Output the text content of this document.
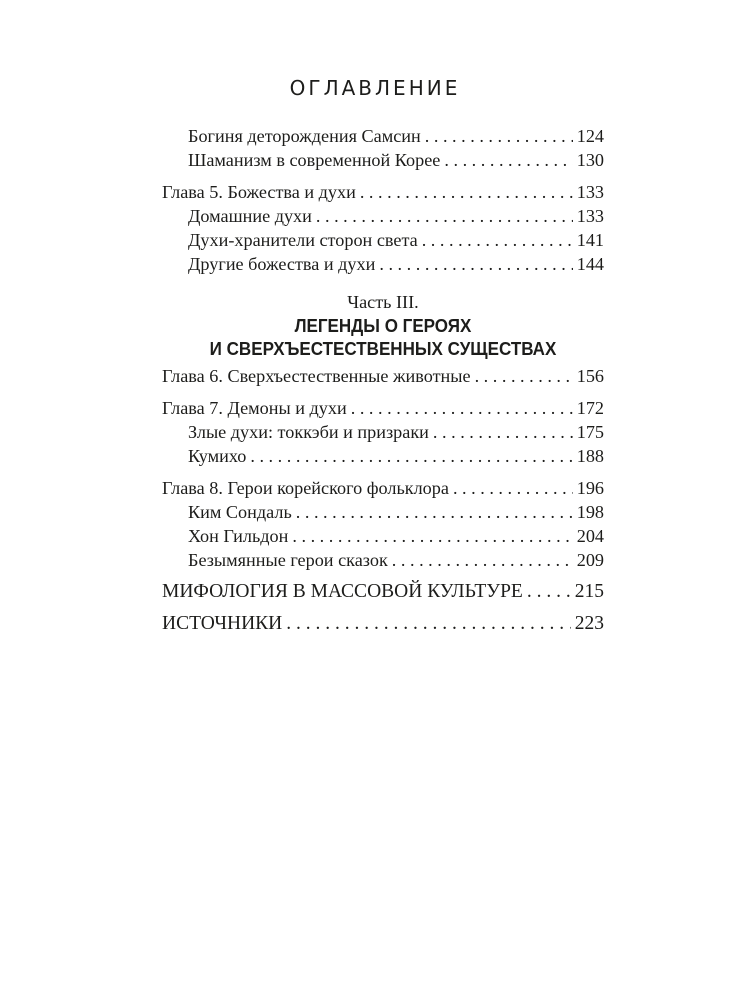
ОГЛАВЛЕНИЕ
Богиня деторождения Самсин . . .	124
Шаманизм в современной Корее . . .	130
Глава 5. Божества и духи . . .	133
Домашние духи . . .	133
Духи-хранители сторон света . . .	141
Другие божества и духи . . .	144
Часть III.
ЛЕГЕНДЫ О ГЕРОЯХ
И СВЕРХЪЕСТЕСТВЕННЫХ СУЩЕСТВАХ
Глава 6. Сверхъестественные животные . . .	156
Глава 7. Демоны и духи . . .	172
Злые духи: токкэби и призраки . . .	175
Кумихо . . .	188
Глава 8. Герои корейского фольклора . . .	196
Ким Сондаль . . .	198
Хон Гильдон . . .	204
Безымянные герои сказок . . .	209
МИФОЛОГИЯ В МАССОВОЙ КУЛЬТУРЕ . . .	215
ИСТОЧНИКИ . . .	223
